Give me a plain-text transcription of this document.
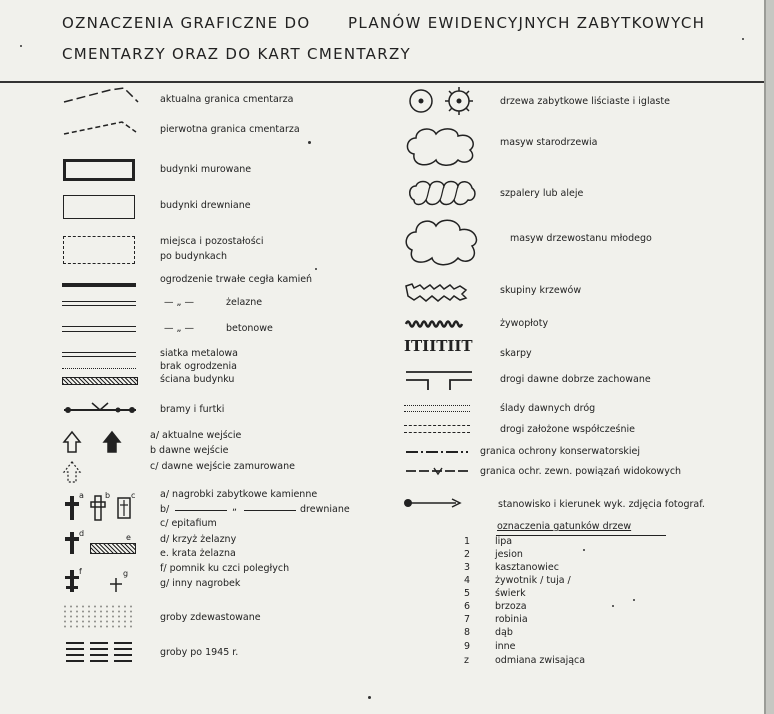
OZNACZENIA GRAFICZNE DO	PLANÓW EWIDENCYJNYCH ZABYTKOWYCH
CMENTARZY ORAZ DO KART CMENTARZY
aktualna granica cmentarza
pierwotna granica cmentarza
budynki murowane
budynki drewniane
miejsca i pozostałości
po budynkach
ogrodzenie trwałe cegła kamień
— „ —	żelazne
— „ —	betonowe
siatka metalowa
brak ogrodzenia
ściana budynku
bramy i furtki
a/ aktualne wejście
b dawne wejście
c/ dawne wejście zamurowane
a	b	c	a/ nagrobki zabytkowe kamienne
b/	„	drewniane
c/ epitafium
d	e	d/ krzyż żelazny
e. krata żelazna
f	g	f/ pomnik ku czci poległych
g/ inny nagrobek
groby zdewastowane
groby po 1945 r.
drzewa zabytkowe liściaste i iglaste
masyw starodrzewia
szpalery lub aleje
masyw drzewostanu młodego
skupiny krzewów
żywopłoty
ΙΤΙΙΤΙΙΤ	skarpy
drogi dawne dobrze zachowane
ślady dawnych dróg
drogi założone współcześnie
granica ochrony konserwatorskiej
granica ochr. zewn. powiązań widokowych
stanowisko i kierunek wyk. zdjęcia fotograf.
oznaczenia gatunków drzew
1	lipa
2	jesion
3	kasztanowiec
4	żywotnik / tuja /
5	świerk
6	brzoza
7	robinia
8	dąb
9	inne
z	odmiana zwisająca
